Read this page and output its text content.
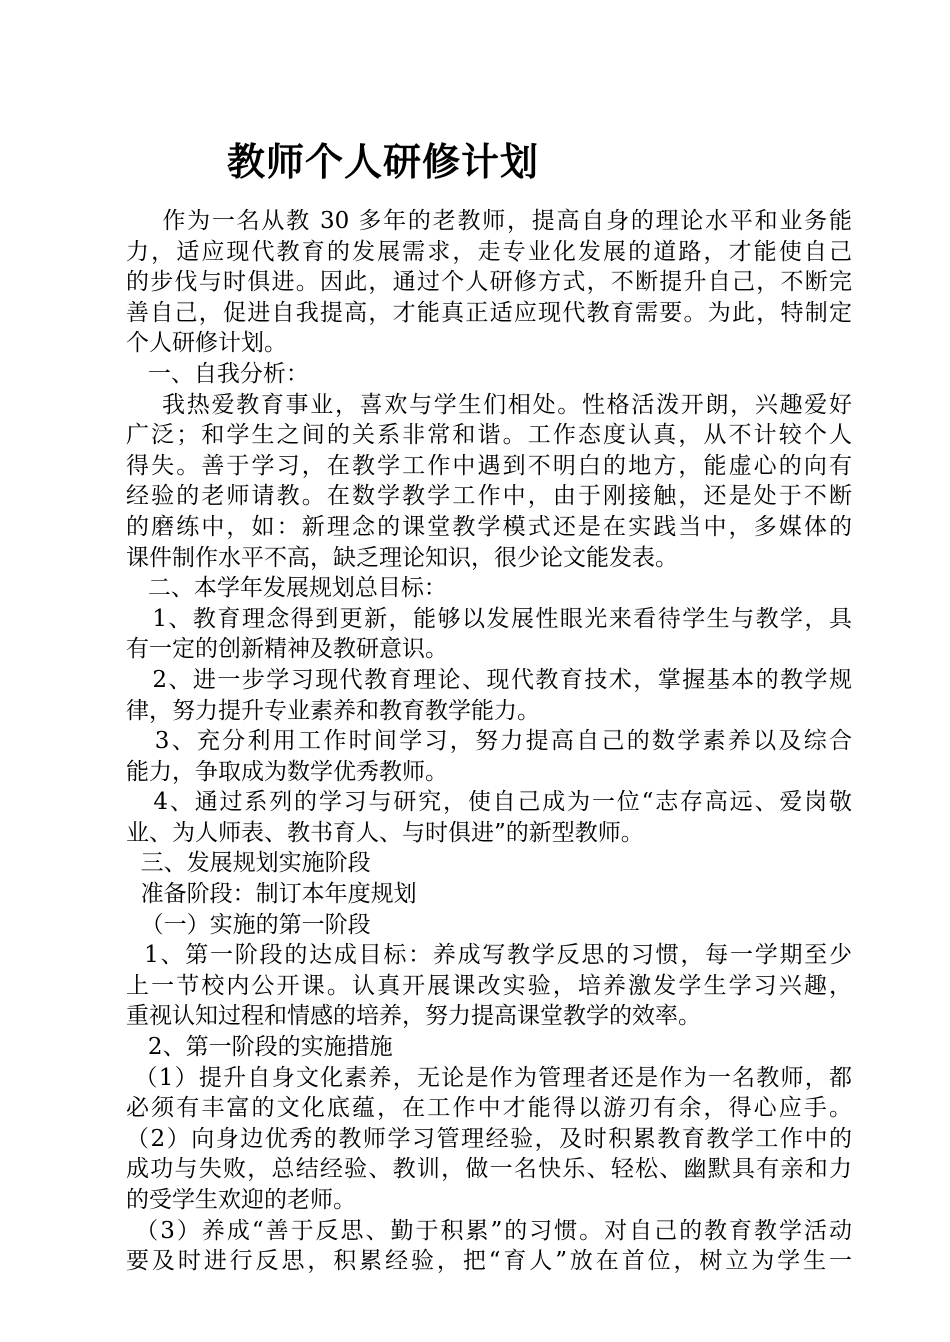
教师个人研修计划
作为一名从教 30 多年的老教师，提高自身的理论水平和业务能
力，适应现代教育的发展需求，走专业化发展的道路，才能使自己
的步伐与时俱进。因此，通过个人研修方式，不断提升自己，不断完
善自己，促进自我提高，才能真正适应现代教育需要。为此，特制定
个人研修计划。
一、自我分析：
我热爱教育事业，喜欢与学生们相处。性格活泼开朗，兴趣爱好
广泛；和学生之间的关系非常和谐。工作态度认真，从不计较个人
得失。善于学习，在教学工作中遇到不明白的地方，能虚心的向有
经验的老师请教。在数学教学工作中，由于刚接触，还是处于不断
的磨练中，如：新理念的课堂教学模式还是在实践当中，多媒体的
课件制作水平不高，缺乏理论知识，很少论文能发表。
二、本学年发展规划总目标：
1、教育理念得到更新，能够以发展性眼光来看待学生与教学，具
有一定的创新精神及教研意识。
2、进一步学习现代教育理论、现代教育技术，掌握基本的教学规
律，努力提升专业素养和教育教学能力。
3、充分利用工作时间学习，努力提高自己的数学素养以及综合
能力，争取成为数学优秀教师。
4、通过系列的学习与研究，使自己成为一位“志存高远、爱岗敬
业、为人师表、教书育人、与时俱进”的新型教师。
三、发展规划实施阶段
准备阶段：制订本年度规划
（一）实施的第一阶段
1、第一阶段的达成目标：养成写教学反思的习惯，每一学期至少
上一节校内公开课。认真开展课改实验，培养激发学生学习兴趣，
重视认知过程和情感的培养，努力提高课堂教学的效率。
2、第一阶段的实施措施
（1）提升自身文化素养，无论是作为管理者还是作为一名教师，都
必须有丰富的文化底蕴，在工作中才能得以游刃有余，得心应手。
（2）向身边优秀的教师学习管理经验，及时积累教育教学工作中的
成功与失败，总结经验、教训，做一名快乐、轻松、幽默具有亲和力
的受学生欢迎的老师。
（3）养成“善于反思、勤于积累”的习惯。对自己的教育教学活动
要及时进行反思，积累经验，把“育人”放在首位，树立为学生一
